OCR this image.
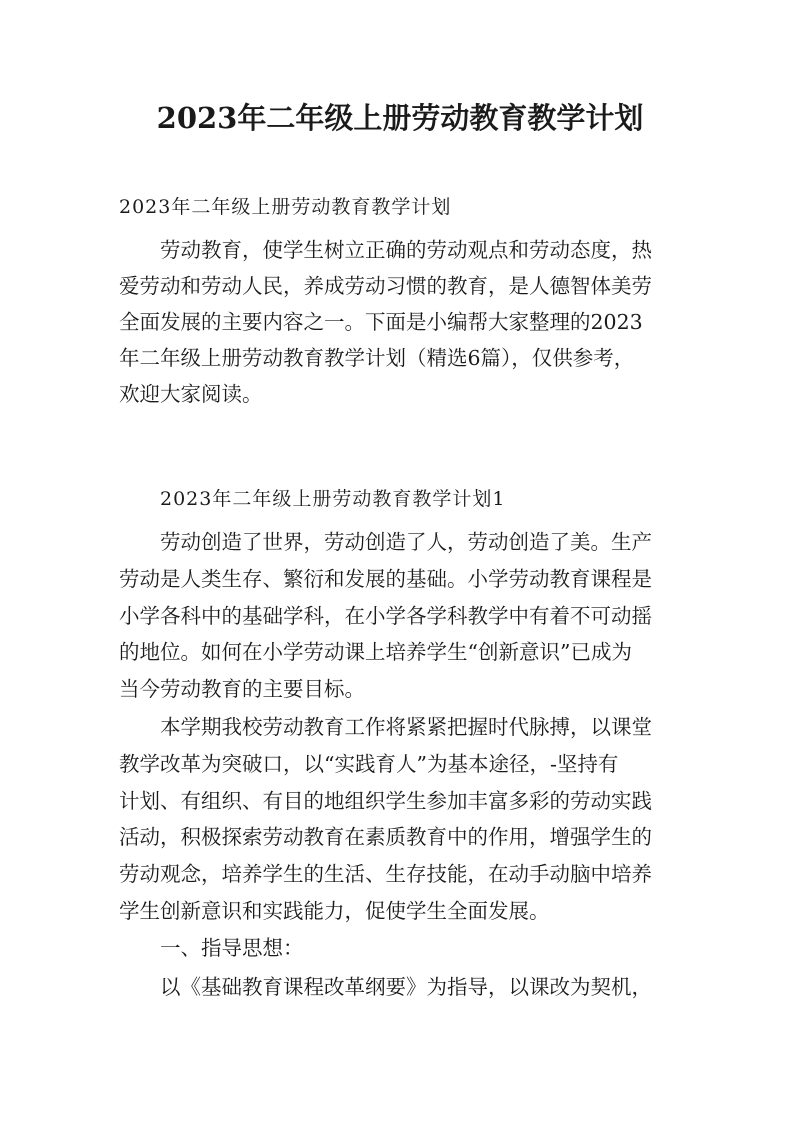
2023年二年级上册劳动教育教学计划
2023年二年级上册劳动教育教学计划
　　劳动教育，使学生树立正确的劳动观点和劳动态度，热
爱劳动和劳动人民，养成劳动习惯的教育，是人德智体美劳
全面发展的主要内容之一。下面是小编帮大家整理的2023
年二年级上册劳动教育教学计划（精选6篇），仅供参考，
欢迎大家阅读。
2023年二年级上册劳动教育教学计划1
　　劳动创造了世界，劳动创造了人，劳动创造了美。生产
劳动是人类生存、繁衍和发展的基础。小学劳动教育课程是
小学各科中的基础学科，在小学各学科教学中有着不可动摇
的地位。如何在小学劳动课上培养学生“创新意识”已成为
当今劳动教育的主要目标。
　　本学期我校劳动教育工作将紧紧把握时代脉搏，以课堂
教学改革为突破口，以“实践育人”为基本途径，-坚持有
计划、有组织、有目的地组织学生参加丰富多彩的劳动实践
活动，积极探索劳动教育在素质教育中的作用，增强学生的
劳动观念，培养学生的生活、生存技能，在动手动脑中培养
学生创新意识和实践能力，促使学生全面发展。
一、指导思想：
以《基础教育课程改革纲要》为指导，以课改为契机，
